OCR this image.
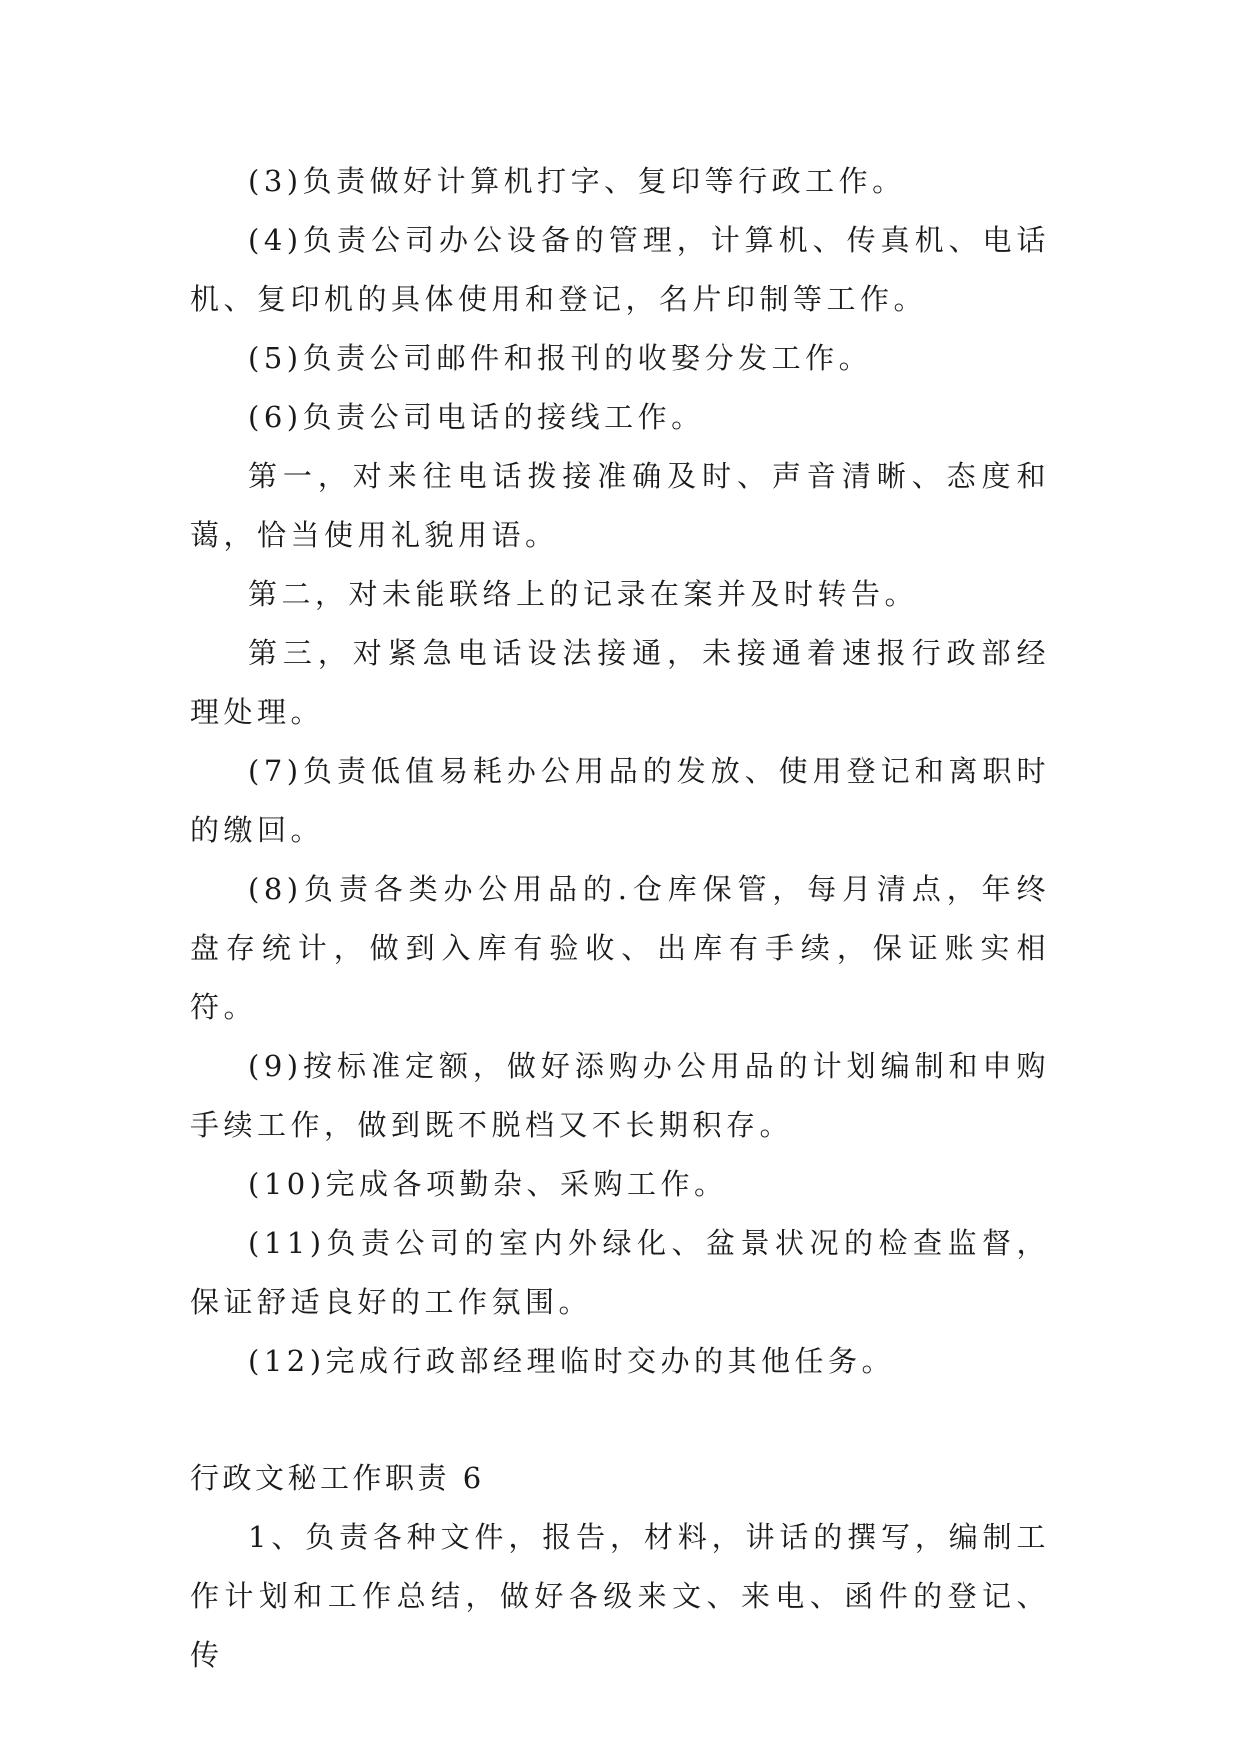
(3)负责做好计算机打字、复印等行政工作。

(4)负责公司办公设备的管理，计算机、传真机、电话机、复印机的具体使用和登记，名片印制等工作。

(5)负责公司邮件和报刊的收娶分发工作。

(6)负责公司电话的接线工作。

第一，对来往电话拨接准确及时、声音清晰、态度和蔼，恰当使用礼貌用语。

第二，对未能联络上的记录在案并及时转告。

第三，对紧急电话设法接通，未接通着速报行政部经理处理。

(7)负责低值易耗办公用品的发放、使用登记和离职时的缴回。

(8)负责各类办公用品的.仓库保管，每月清点，年终盘存统计，做到入库有验收、出库有手续，保证账实相符。

(9)按标准定额，做好添购办公用品的计划编制和申购手续工作，做到既不脱档又不长期积存。

(10)完成各项勤杂、采购工作。

(11)负责公司的室内外绿化、盆景状况的检查监督，保证舒适良好的工作氛围。

(12)完成行政部经理临时交办的其他任务。

行政文秘工作职责 6

1、负责各种文件，报告，材料，讲话的撰写，编制工作计划和工作总结，做好各级来文、来电、函件的登记、传
